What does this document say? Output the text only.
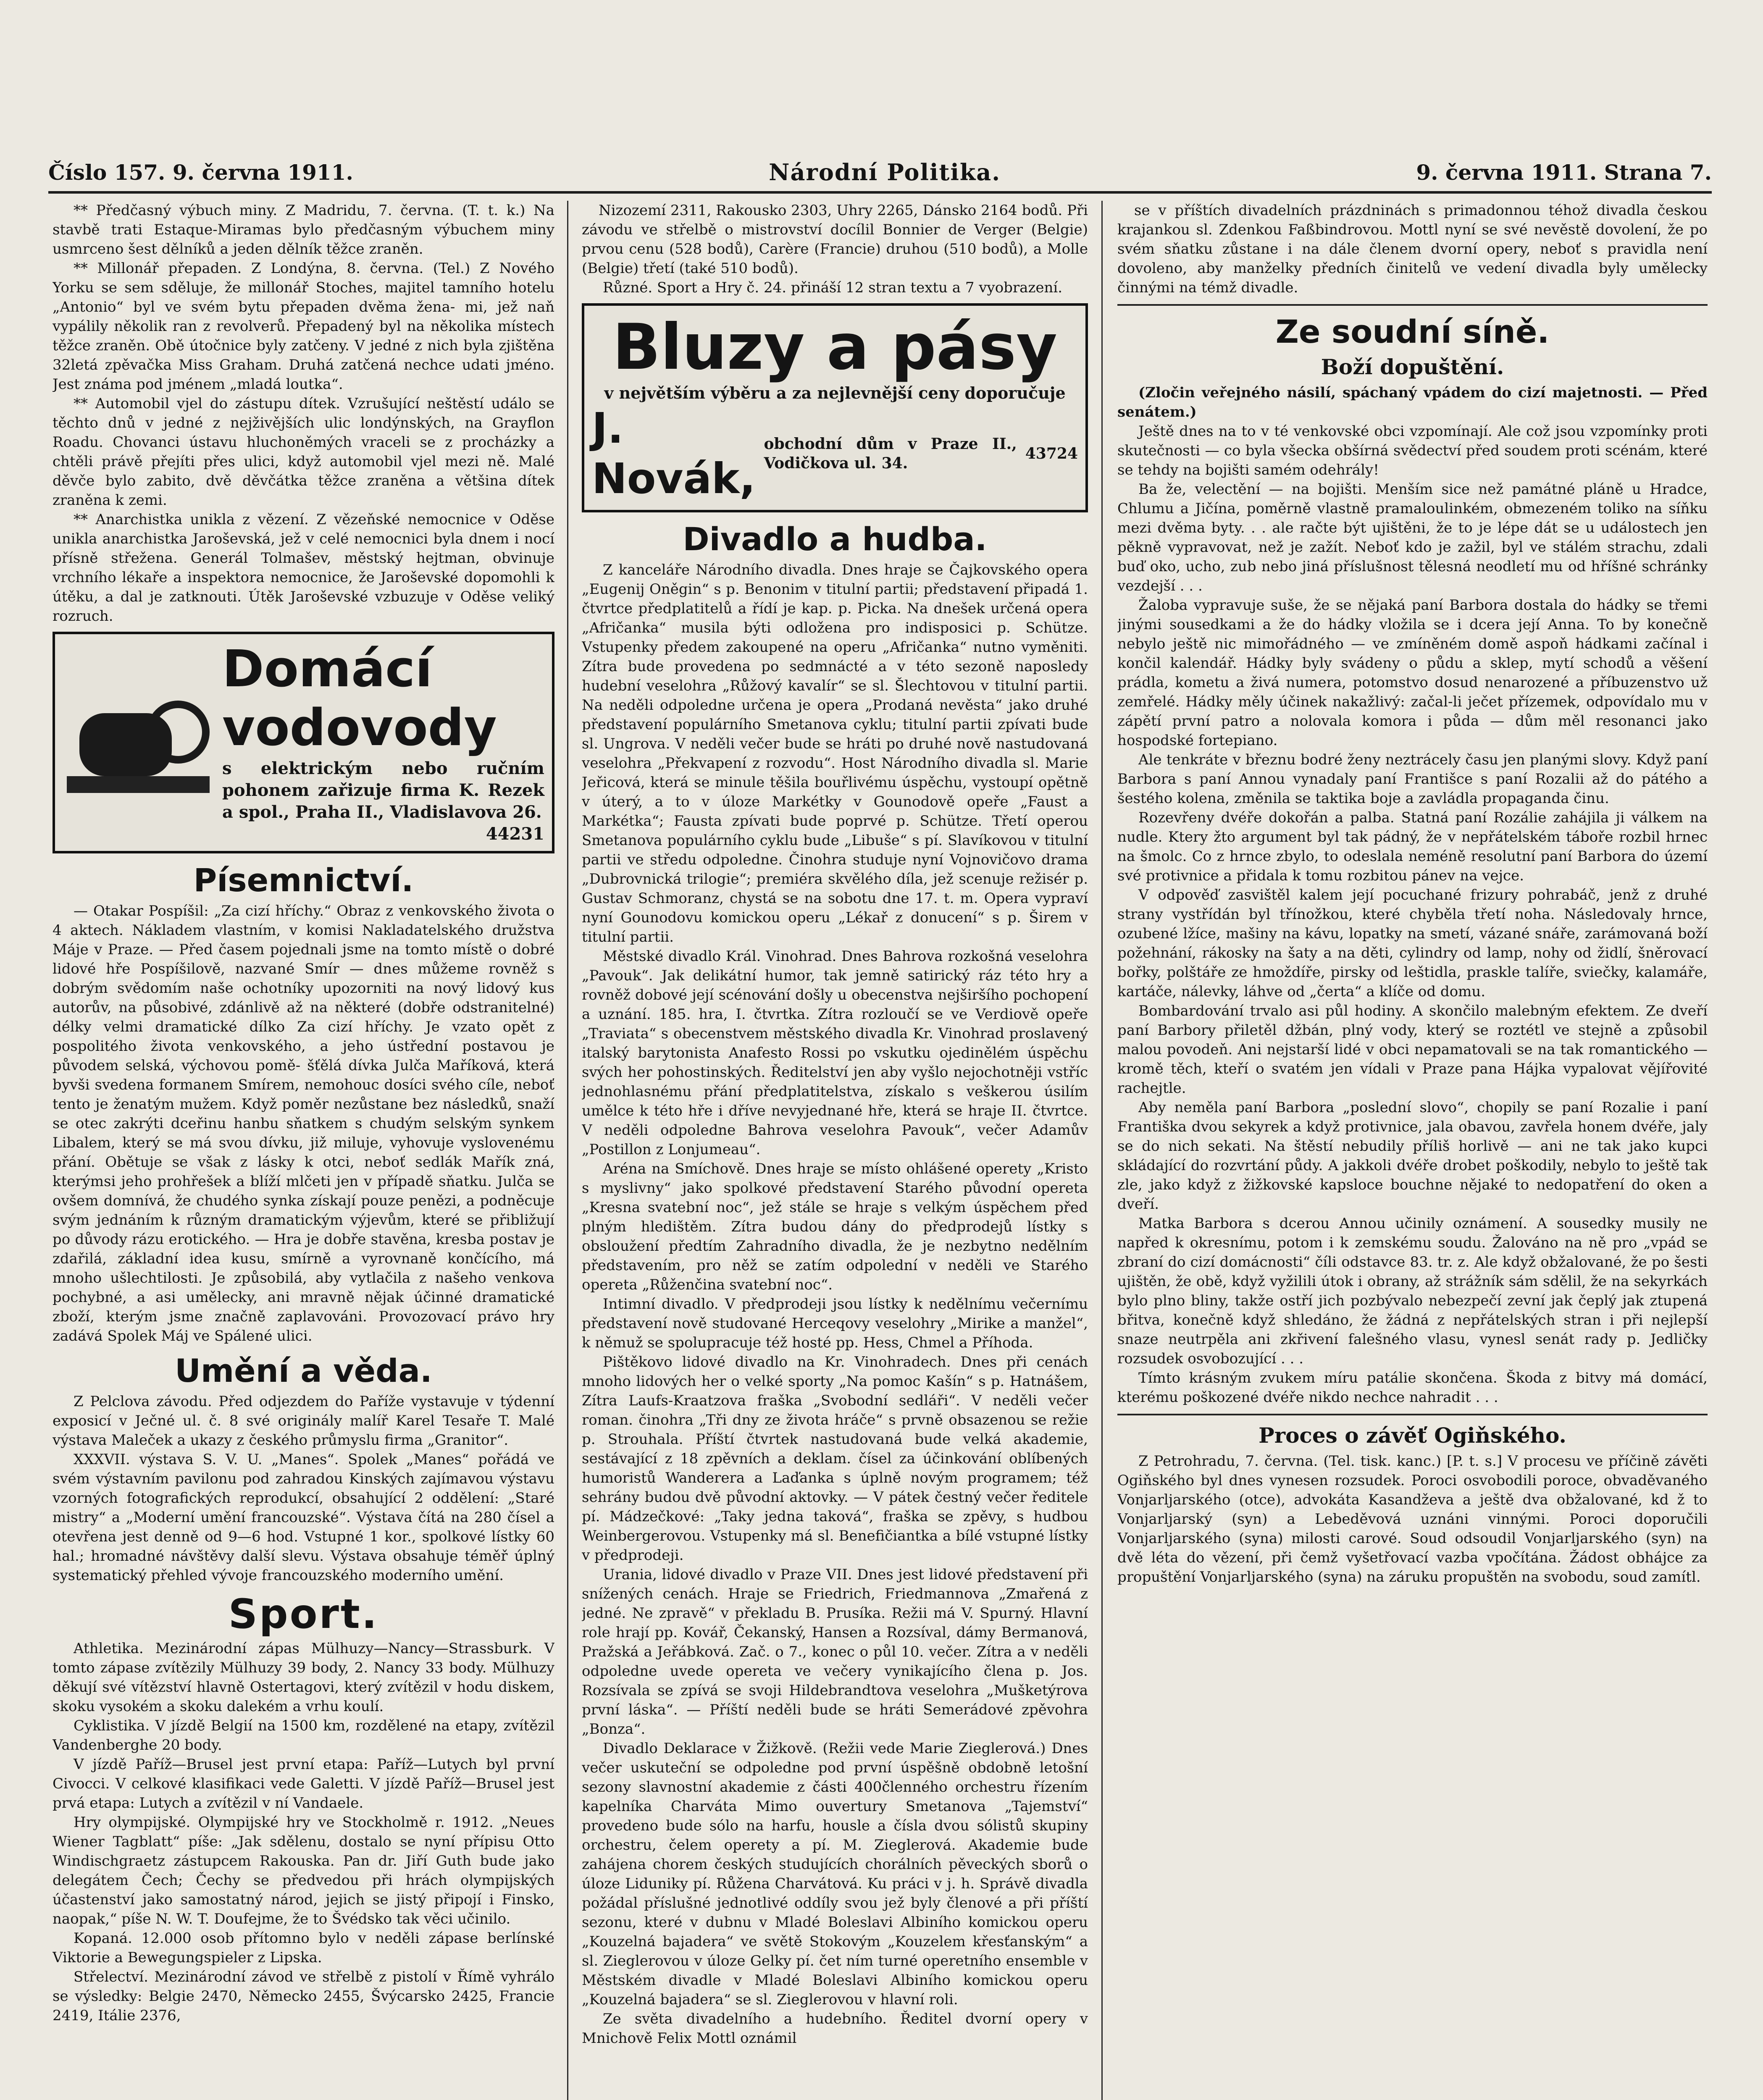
Číslo 157. 9. června 1911.	Národní Politika.	9. června 1911. Strana 7.

** Předčasný výbuch miny. Z Madridu, 7. června. (T. t. k.) Na stavbě trati Estaque-Miramas bylo předčasným výbuchem miny usmrceno šest dělníků a jeden dělník těžce zraněn.

** Millonář přepaden. Z Londýna, 8. června. (Tel.) Z Nového Yorku se sem sděluje, že millonář Stoches, majitel tamního hotelu „Antonio“ byl ve svém bytu přepaden dvěma žena- mi, jež naň vypálily několik ran z revolverů. Přepadený byl na několika místech těžce zraněn. Obě útočnice byly zatčeny. V jedné z nich byla zjištěna 32letá zpěvačka Miss Graham. Druhá zatčená nechce udati jméno. Jest známa pod jménem „mladá loutka“.

** Automobil vjel do zástupu dítek. Vzrušující neštěstí událo se těchto dnů v jedné z nejživějších ulic londýnských, na Grayflon Roadu. Chovanci ústavu hluchoněmých vraceli se z procházky a chtěli právě přejíti přes ulici, když automobil vjel mezi ně. Malé děvče bylo zabito, dvě děvčátka těžce zraněna a většina dítek zraněna k zemi.

** Anarchistka unikla z vězení. Z vězeňské nemocnice v Oděse unikla anarchistka Jaroševská, jež v celé nemocnici byla dnem i nocí přísně střežena. Generál Tolmašev, městský hejtman, obvinuje vrchního lékaře a inspektora nemocnice, že Jaroševské dopomohli k útěku, a dal je zatknouti. Útěk Jaroševské vzbuzuje v Oděse veliký rozruch.

Domácí vodovody
s elektrickým nebo ručním pohonem zařizuje firma K. Rezek a spol., Praha II., Vladislavova 26.
44231
Písemnictví.

— Otakar Pospíšil: „Za cizí hříchy.“ Obraz z venkovského života o 4 aktech. Nákladem vlastním, v komisi Nakladatelského družstva Máje v Praze. — Před časem pojednali jsme na tomto místě o dobré lidové hře Pospíšilově, nazvané Smír — dnes můžeme rovněž s dobrým svědomím naše ochotníky upozorniti na nový lidový kus autorův, na působivé, zdánlivě až na některé (dobře odstranitelné) délky velmi dramatické dílko Za cizí hříchy. Je vzato opět z pospolitého života venkovského, a jeho ústřední postavou je původem selská, výchovou pomě- šťělá dívka Julča Maříková, která byvši svedena formanem Smírem, nemohouc dosíci svého cíle, neboť tento je ženatým mužem. Když poměr nezůstane bez následků, snaží se otec zakrýti dceřinu hanbu sňatkem s chudým selským synkem Libalem, který se má svou dívku, již miluje, vyhovuje vyslovenému přání. Obětuje se však z lásky k otci, neboť sedlák Mařík zná, kterýmsi jeho prohřešek a blíží mlčeti jen v případě sňatku. Julča se ovšem domnívá, že chudého synka získají pouze penězi, a podněcuje svým jednáním k různým dramatickým výjevům, které se přibližují po důvody rázu erotického. — Hra je dobře stavěna, kresba postav je zdařilá, základní idea kusu, smírně a vyrovnaně končícího, má mnoho ušlechtilosti. Je způsobilá, aby vytlačila z našeho venkova pochybné, a asi umělecky, ani mravně nějak účinné dramatické zboží, kterým jsme značně zaplavováni. Provozovací právo hry zadává Spolek Máj ve Spálené ulici.

Umění a věda.

Z Pelclova závodu. Před odjezdem do Paříže vystavuje v týdenní exposicí v Ječné ul. č. 8 své originály malíř Karel Tesaře T. Malé výstava Maleček a ukazy z českého průmyslu firma „Granitor“.

XXXVII. výstava S. V. U. „Manes“. Spolek „Manes“ pořádá ve svém výstavním pavilonu pod zahradou Kinských zajímavou výstavu vzorných fotografických reprodukcí, obsahující 2 oddělení: „Staré mistry“ a „Moderní umění francouzské“. Výstava čítá na 280 čísel a otevřena jest denně od 9—6 hod. Vstupné 1 kor., spolkové lístky 60 hal.; hromadné návštěvy další slevu. Výstava obsahuje téměř úplný systematický přehled vývoje francouzského moderního umění.

Sport.

Athletika. Mezinárodní zápas Mülhuzy—Nancy—Strassburk. V tomto zápase zvítězily Mülhuzy 39 body, 2. Nancy 33 body. Mülhuzy děkují své vítězství hlavně Ostertagovi, který zvítězil v hodu diskem, skoku vysokém a skoku dalekém a vrhu koulí.

Cyklistika. V jízdě Belgií na 1500 km, rozdělené na etapy, zvítězil Vandenberghe 20 body.

V jízdě Paříž—Brusel jest první etapa: Paříž—Lutych byl první Civocci. V celkové klasifikaci vede Galetti. V jízdě Paříž—Brusel jest prvá etapa: Lutych a zvítězil v ní Vandaele.

Hry olympijské. Olympijské hry ve Stockholmě r. 1912. „Neues Wiener Tagblatt“ píše: „Jak sdělenu, dostalo se nyní přípisu Otto Windischgraetz zástupcem Rakouska. Pan dr. Jiří Guth bude jako delegátem Čech; Čechy se předvedou při hrách olympijských účastenství jako samostatný národ, jejich se jistý připojí i Finsko, naopak,“ píše N. W. T. Doufejme, že to Švédsko tak věci učinilo.

Kopaná. 12.000 osob přítomno bylo v neděli zápase berlínské Viktorie a Bewegungspieler z Lipska.

Střelectví. Mezinárodní závod ve střelbě z pistolí v Římě vyhrálo se výsledky: Belgie 2470, Německo 2455, Švýcarsko 2425, Francie 2419, Itálie 2376,

Nizozemí 2311, Rakousko 2303, Uhry 2265, Dánsko 2164 bodů. Při závodu ve střelbě o mistrovství docílil Bonnier de Verger (Belgie) prvou cenu (528 bodů), Carère (Francie) druhou (510 bodů), a Molle (Belgie) třetí (také 510 bodů).

Různé. Sport a Hry č. 24. přináší 12 stran textu a 7 vyobrazení.

Bluzy a pásy
v největším výběru a za nejlevnější ceny doporučuje
J. Novák,
obchodní dům v Praze II., Vodičkova ul. 34.
43724
Divadlo a hudba.

Z kanceláře Národního divadla. Dnes hraje se Čajkovského opera „Eugenij Oněgin“ s p. Benonim v titulní partii; představení připadá 1. čtvrtce předplatitelů a řídí je kap. p. Picka. Na dnešek určená opera „Afričanka“ musila býti odložena pro indisposici p. Schütze. Vstupenky předem zakoupené na operu „Afričanka“ nutno vyměniti. Zítra bude provedena po sedmnácté a v této sezoně naposledy hudební veselohra „Růžový kavalír“ se sl. Šlechtovou v titulní partii. Na neděli odpoledne určena je opera „Prodaná nevěsta“ jako druhé představení populárního Smetanova cyklu; titulní partii zpívati bude sl. Ungrova. V neděli večer bude se hráti po druhé nově nastudovaná veselohra „Překvapení z rozvodu“. Host Národního divadla sl. Marie Jeřicová, která se minule těšila bouřlivému úspěchu, vystoupí opětně v úterý, a to v úloze Markétky v Gounodově opeře „Faust a Markétka“; Fausta zpívati bude poprvé p. Schütze. Třetí operou Smetanova populárního cyklu bude „Libuše“ s pí. Slavíkovou v titulní partii ve středu odpoledne. Činohra studuje nyní Vojnovičovo drama „Dubrovnická trilogie“; premiéra skvělého díla, jež scenuje režisér p. Gustav Schmoranz, chystá se na sobotu dne 17. t. m. Opera vypraví nyní Gounodovu komickou operu „Lékař z donucení“ s p. Širem v titulní partii.

Městské divadlo Král. Vinohrad. Dnes Bahrova rozkošná veselohra „Pavouk“. Jak delikátní humor, tak jemně satirický ráz této hry a rovněž dobové její scénování došly u obecenstva nejširšího pochopení a uznání. 185. hra, I. čtvrtka. Zítra rozloučí se ve Verdiově opeře „Traviata“ s obecenstvem městského divadla Kr. Vinohrad proslavený italský barytonista Anafesto Rossi po vskutku ojedinělém úspěchu svých her pohostinských. Ředitelství jen aby vyšlo nejochotněji vstříc jednohlasnému přání předplatitelstva, získalo s veškerou úsilím umělce k této hře i dříve nevyjednané hře, která se hraje II. čtvrtce. V neděli odpoledne Bahrova veselohra Pavouk“, večer Adamův „Postillon z Lonjumeau“.

Aréna na Smíchově. Dnes hraje se místo ohlášené operety „Kristo s myslivny“ jako spolkové představení Starého původní opereta „Kresna svatební noc“, jež stále se hraje s velkým úspěchem před plným hledištěm. Zítra budou dány do předprodejů lístky s obsloužení předtím Zahradního divadla, že je nezbytno nedělním představením, pro něž se zatím odpolední v neděli ve Starého opereta „Růženčina svatební noc“.

Intimní divadlo. V předprodeji jsou lístky k nedělnímu večernímu představení nově studované Herceqovy veselohry „Mirike a manžel“, k němuž se spolupracuje též hosté pp. Hess, Chmel a Příhoda.

Pištěkovo lidové divadlo na Kr. Vinohradech. Dnes při cenách mnoho lidových her o velké sporty „Na pomoc Kašín“ s p. Hatnášem, Zítra Laufs-Kraatzova fraška „Svobodní sedláři“. V neděli večer roman. činohra „Tři dny ze života hráče“ s prvně obsazenou se režie p. Strouhala. Příští čtvrtek nastudovaná bude velká akademie, sestávající z 18 zpěvních a deklam. čísel za účinkování oblíbených humoristů Wanderera a Laďanka s úplně novým programem; též sehrány budou dvě původní aktovky. — V pátek čestný večer ředitele pí. Mádzečkové: „Taky jedna taková“, fraška se zpěvy, s hudbou Weinbergerovou. Vstupenky má sl. Benefičiantka a bílé vstupné lístky v předprodeji.

Urania, lidové divadlo v Praze VII. Dnes jest lidové představení při snížených cenách. Hraje se Friedrich, Friedmannova „Zmařená z jedné. Ne zpravě“ v překladu B. Prusíka. Režii má V. Spurný. Hlavní role hrají pp. Kovář, Čekanský, Hansen a Rozsíval, dámy Bermanová, Pražská a Jeřábková. Zač. o 7., konec o půl 10. večer. Zítra a v neděli odpoledne uvede opereta ve večery vynikajícího člena p. Jos. Rozsívala se zpívá se svoji Hildebrandtova veselohra „Mušketýrova první láska“. — Příští neděli bude se hráti Semerádové zpěvohra „Bonza“.

Divadlo Deklarace v Žižkově. (Režii vede Marie Zieglerová.) Dnes večer uskuteční se odpoledne pod první úspěšně obdobně letošní sezony slavnostní akademie z části 400členného orchestru řízením kapelníka Charváta Mimo ouvertury Smetanova „Tajemství“ provedeno bude sólo na harfu, housle a čísla dvou sólistů skupiny orchestru, čelem operety a pí. M. Zieglerová. Akademie bude zahájena chorem českých studujících chorálních pěveckých sborů o úloze Liduniky pí. Růžena Charvátová. Ku práci v j. h. Správě divadla požádal příslušné jednotlivé oddíly svou jež byly členové a při příští sezonu, které v dubnu v Mladé Boleslavi Albiního komickou operu „Kouzelná bajadera“ ve světě Stokovým „Kouzelem křesťanským“ a sl. Zieglerovou v úloze Gelky pí. čet ním turné operetního ensemble v Městském divadle v Mladé Boleslavi Albiního komickou operu „Kouzelná bajadera“ se sl. Zieglerovou v hlavní roli.

Ze světa divadelního a hudebního. Ředitel dvorní opery v Mnichově Felix Mottl oznámil

se v příštích divadelních prázdninách s primadonnou téhož divadla českou krajankou sl. Zdenkou Faßbindrovou. Mottl nyní se své nevěstě dovolení, že po svém sňatku zůstane i na dále členem dvorní opery, neboť s pravidla není dovoleno, aby manželky předních činitelů ve vedení divadla byly umělecky činnými na témž divadle.

Ze soudní síně.
Boží dopuštění.

(Zločin veřejného násilí, spáchaný vpádem do cizí majetnosti. — Před senátem.)

Ještě dnes na to v té venkovské obci vzpomínají. Ale což jsou vzpomínky proti skutečnosti — co byla všecka obšírná svědectví před soudem proti scénám, které se tehdy na bojišti samém odehrály!

Ba že, velectění — na bojišti. Menším sice než památné pláně u Hradce, Chlumu a Jičína, poměrně vlastně pramaloulinkém, obmezeném toliko na síňku mezi dvěma byty. . . ale račte být ujištěni, že to je lépe dát se u událostech jen pěkně vypravovat, než je zažít. Neboť kdo je zažil, byl ve stálém strachu, zdali buď oko, ucho, zub nebo jiná příslušnost tělesná neodletí mu od hříšné schránky vezdejší . . .

Žaloba vypravuje suše, že se nějaká paní Barbora dostala do hádky se třemi jinými sousedkami a že do hádky vložila se i dcera její Anna. To by konečně nebylo ještě nic mimořádného — ve zmíněném domě aspoň hádkami začínal i končil kalendář. Hádky byly svádeny o půdu a sklep, mytí schodů a věšení prádla, kometu a živá numera, potomstvo dosud nenarozené a příbuzenstvo už zemřelé. Hádky měly účinek nakažlivý: začal-li ječet přízemek, odpovídalo mu v zápětí první patro a nolovala komora i půda — dům měl resonanci jako hospodské fortepiano.

Ale tenkráte v březnu bodré ženy neztrácely času jen planými slovy. Když paní Barbora s paní Annou vynadaly paní Františce s paní Rozalii až do pátého a šestého kolena, změnila se taktika boje a zavládla propaganda činu.

Rozevřeny dvéře dokořán a palba. Statná paní Rozálie zahájila ji válkem na nudle. Ktery žto argument byl tak pádný, že v nepřátelském táboře rozbil hrnec na šmolc. Co z hrnce zbylo, to odeslala neméně resolutní paní Barbora do území své protivnice a přidala k tomu rozbitou pánev na vejce.

V odpověď zasvištěl kalem její pocuchané frizury pohrabáč, jenž z druhé strany vystřídán byl třínožkou, které chyběla třetí noha. Následovaly hrnce, ozubené lžíce, mašiny na kávu, lopatky na smetí, vázané snáře, zarámovaná boží požehnání, rákosky na šaty a na děti, cylindry od lamp, nohy od židlí, šněrovací bořky, polštáře ze hmoždíře, pirsky od leštidla, praskle talíře, sviečky, kalamáře, kartáče, nálevky, láhve od „čerta“ a klíče od domu.

Bombardování trvalo asi půl hodiny. A skončilo malebným efektem. Ze dveří paní Barbory přiletěl džbán, plný vody, který se roztétl ve stejně a způsobil malou povodeň. Ani nejstarší lidé v obci nepamatovali se na tak romantického — kromě těch, kteří o svatém jen vídali v Praze pana Hájka vypalovat vějířovité rachejtle.

Aby neměla paní Barbora „poslední slovo“, chopily se paní Rozalie i paní Františka dvou sekyrek a když protivnice, jala obavou, zavřela honem dvéře, jaly se do nich sekati. Na štěstí nebudily příliš horlivě — ani ne tak jako kupci skládající do rozvrtání půdy. A jakkoli dvéře drobet poškodily, nebylo to ještě tak zle, jako když z žižkovské kapsloce bouchne nějaké to nedopatření do oken a dveří.

Matka Barbora s dcerou Annou učinily oznámení. A sousedky musily ne napřed k okresnímu, potom i k zemskému soudu. Žalováno na ně pro „vpád se zbraní do cizí domácnosti“ číli odstavce 83. tr. z. Ale když obžalované, že po šesti ujištěn, že obě, když vyžilili útok i obrany, až strážník sám sdělil, že na sekyrkách bylo plno bliny, takže ostří jich pozbývalo nebezpečí zevní jak čeplý jak ztupená břitva, konečně když shledáno, že žádná z nepřátelských stran i při nejlepší snaze neutrpěla ani zkřivení falešného vlasu, vynesl senát rady p. Jedličky rozsudek osvobozující . . .

Tímto krásným zvukem míru patálie skončena. Škoda z bitvy má domácí, kterému poškozené dvéře nikdo nechce nahradit . . .

Proces o závěť Ogiňského.

Z Petrohradu, 7. června. (Tel. tisk. kanc.) [P. t. s.] V procesu ve příčině závěti Ogiňského byl dnes vynesen rozsudek. Poroci osvobodili poroce, obvaděvaného Vonjarljarského (otce), advokáta Kasandževa a ještě dva obžalované, kd ž to Vonjarljarský (syn) a Lebeděvová uznáni vinnými. Poroci doporučili Vonjarljarského (syna) milosti carové. Soud odsoudil Vonjarljarského (syn) na dvě léta do vězení, při čemž vyšetřovací vazba vpočítána. Žádost obhájce za propuštění Vonjarljarského (syna) na záruku propuštěn na svobodu, soud zamítl.
